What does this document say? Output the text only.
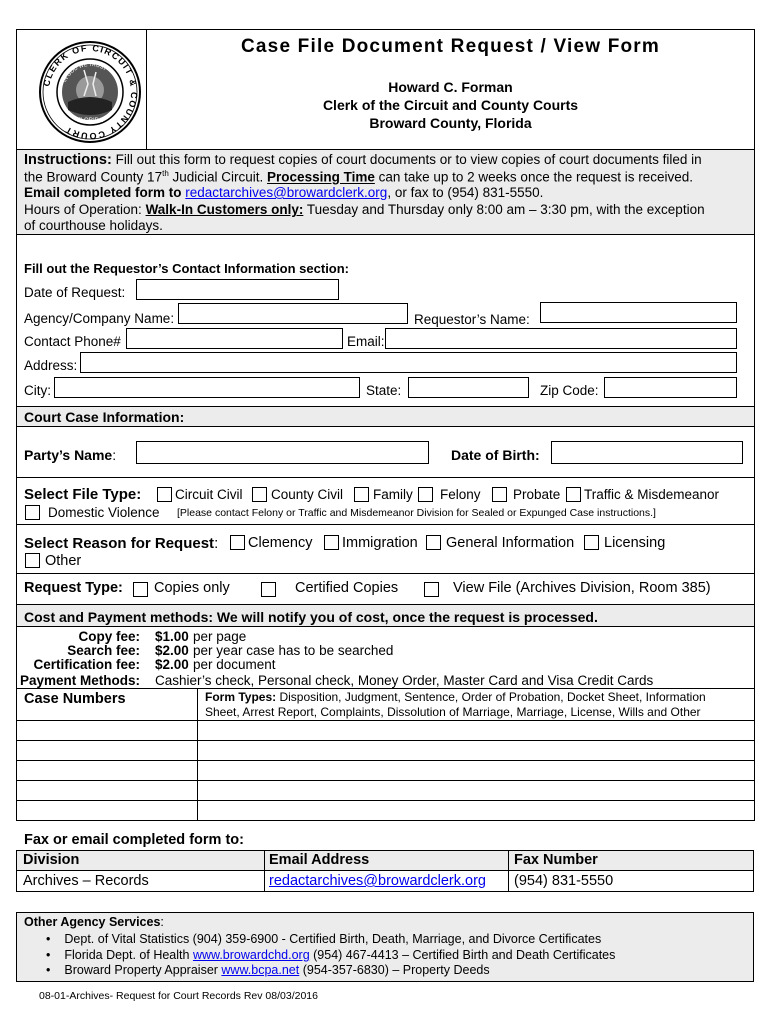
CLERK OF CIRCUIT & COUNTY COURT
IN GOD WE TRUST
FLORIDA
Case File Document Request / View Form
Howard C. Forman
Clerk of the Circuit and County Courts
Broward County, Florida
Instructions: Fill out this form to request copies of court documents or to view copies of court documents filed in
the Broward County 17th Judicial Circuit. Processing Time can take up to 2 weeks once the request is received.
Email completed form to redactarchives@browardclerk.org, or fax to (954) 831-5550.
Hours of Operation: Walk-In Customers only: Tuesday and Thursday only 8:00 am – 3:30 pm, with the exception
of courthouse holidays.
Fill out the Requestor’s Contact Information section:
Date of Request:
Agency/Company Name:	Requestor’s Name:
Contact Phone#	Email:
Address:
City:	State:	Zip Code:
Court Case Information:
Party’s Name:	Date of Birth:
Select File Type: Circuit Civil County Civil Family Felony Probate Traffic & Misdemeanor
Domestic Violence [Please contact Felony or Traffic and Misdemeanor Division for Sealed or Expunged Case instructions.]
Select Reason for Request: Clemency Immigration General Information Licensing
Other
Request Type: Copies only	Certified Copies	View File (Archives Division, Room 385)
Cost and Payment methods: We will notify you of cost, once the request is processed.
Copy fee: $1.00 per page
Search fee: $2.00 per year case has to be searched
Certification fee: $2.00 per document
Payment Methods: Cashier’s check, Personal check, Money Order, Master Card and Visa Credit Cards
Case Numbers	Form Types: Disposition, Judgment, Sentence, Order of Probation, Docket Sheet, Information
Sheet, Arrest Report, Complaints, Dissolution of Marriage, Marriage, License, Wills and Other
Fax or email completed form to:
Division	Email Address	Fax Number
Archives – Records	redactarchives@browardclerk.org (954) 831-5550
Other Agency Services:
• Dept. of Vital Statistics (904) 359-6900 - Certified Birth, Death, Marriage, and Divorce Certificates
• Florida Dept. of Health www.browardchd.org (954) 467-4413 – Certified Birth and Death Certificates
• Broward Property Appraiser www.bcpa.net (954-357-6830) – Property Deeds
08-01-Archives- Request for Court Records Rev 08/03/2016
